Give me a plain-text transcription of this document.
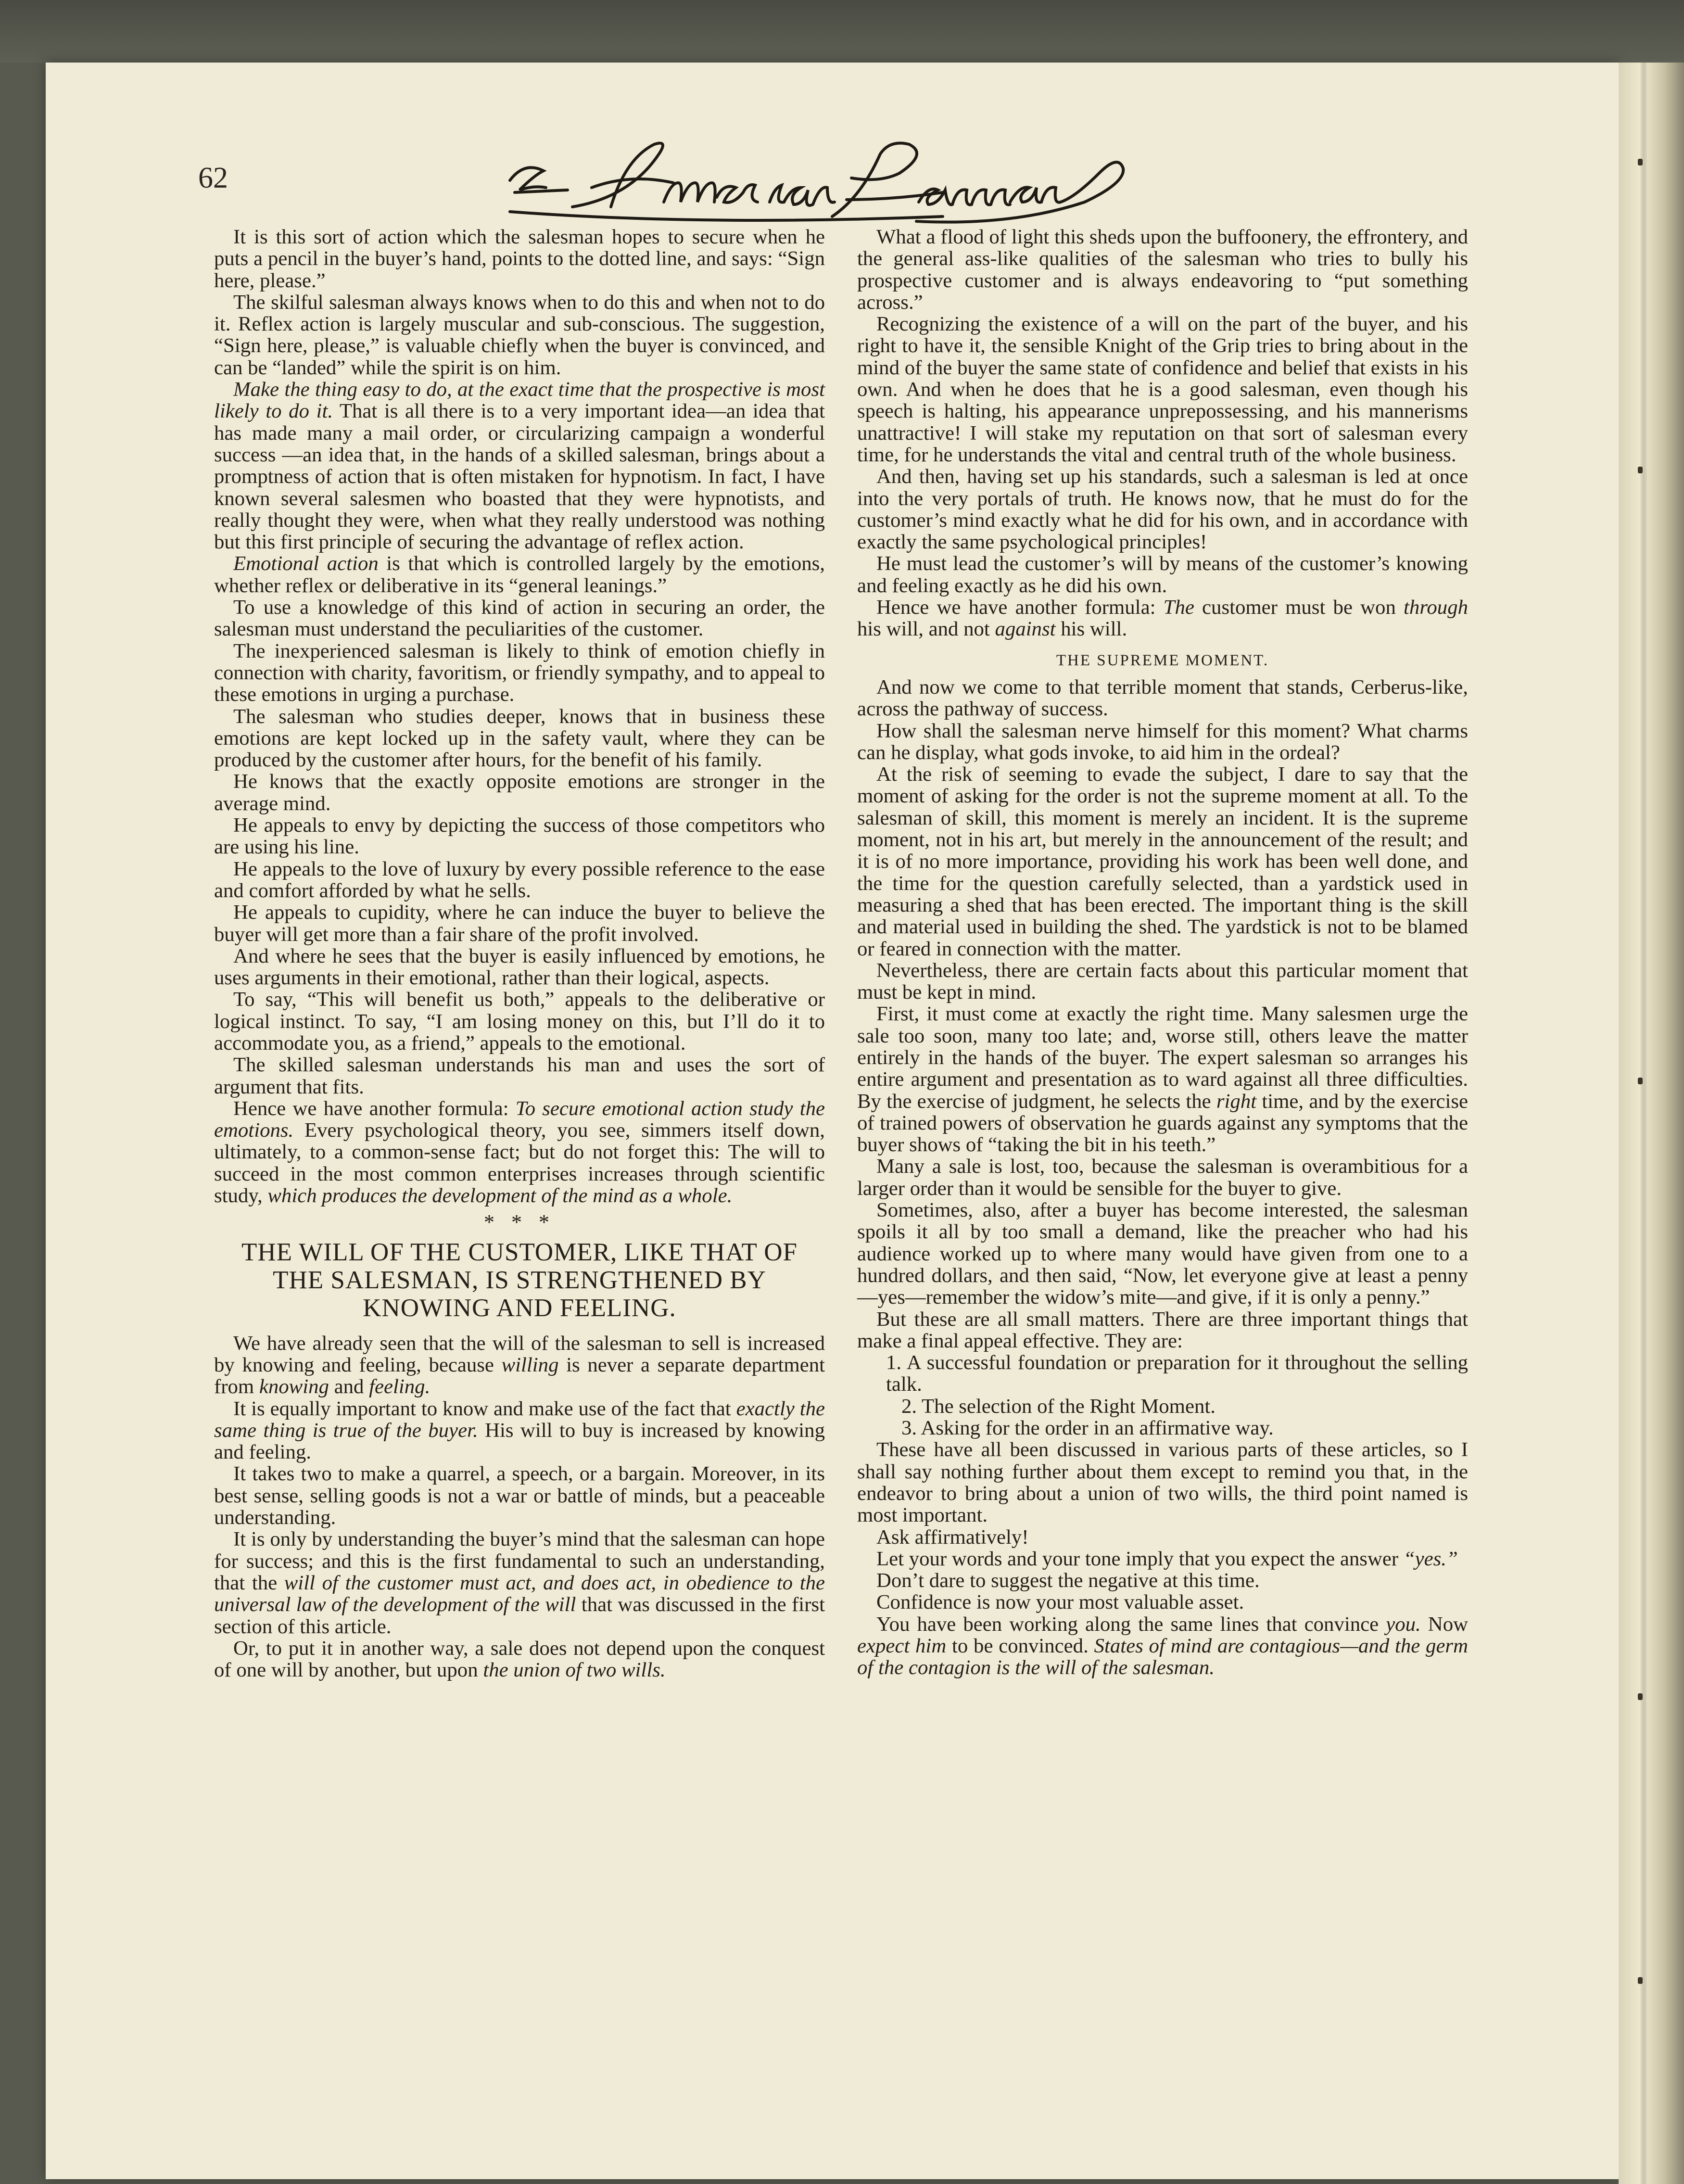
62

It is this sort of action which the salesman hopes to secure when he puts a pencil in the buyer’s hand, points to the dotted line, and says: “Sign here, please.”

The skilful salesman always knows when to do this and when not to do it. Reflex action is largely muscular and sub-conscious. The suggestion, “Sign here, please,” is valuable chiefly when the buyer is convinced, and can be “landed” while the spirit is on him.

Make the thing easy to do, at the exact time that the prospective is most likely to do it. That is all there is to a very important idea—an idea that has made many a mail order, or circularizing campaign a wonderful success —an idea that, in the hands of a skilled salesman, brings about a promptness of action that is often mistaken for hypnotism. In fact, I have known several salesmen who boasted that they were hypnotists, and really thought they were, when what they really understood was nothing but this first principle of securing the advantage of reflex action.

Emotional action is that which is controlled largely by the emotions, whether reflex or deliberative in its “general leanings.”

To use a knowledge of this kind of action in securing an order, the salesman must understand the peculiarities of the customer.

The inexperienced salesman is likely to think of emotion chiefly in connection with charity, favoritism, or friendly sympathy, and to appeal to these emotions in urging a purchase.

The salesman who studies deeper, knows that in business these emotions are kept locked up in the safety vault, where they can be produced by the customer after hours, for the benefit of his family.

He knows that the exactly opposite emotions are stronger in the average mind.

He appeals to envy by depicting the success of those competitors who are using his line.

He appeals to the love of luxury by every possible reference to the ease and comfort afforded by what he sells.

He appeals to cupidity, where he can induce the buyer to believe the buyer will get more than a fair share of the profit involved.

And where he sees that the buyer is easily influenced by emotions, he uses arguments in their emotional, rather than their logical, aspects.

To say, “This will benefit us both,” appeals to the deliberative or logical instinct. To say, “I am losing money on this, but I’ll do it to accommodate you, as a friend,” appeals to the emotional.

The skilled salesman understands his man and uses the sort of argument that fits.

Hence we have another formula: To secure emotional action study the emotions. Every psychological theory, you see, simmers itself down, ultimately, to a common-sense fact; but do not forget this: The will to succeed in the most common enterprises increases through scientific study, which produces the development of the mind as a whole.

* * *
THE WILL OF THE CUSTOMER, LIKE THAT OF THE SALESMAN, IS STRENGTHENED BY KNOWING AND FEELING.

We have already seen that the will of the salesman to sell is increased by knowing and feeling, because willing is never a separate department from knowing and feeling.

It is equally important to know and make use of the fact that exactly the same thing is true of the buyer. His will to buy is increased by knowing and feeling.

It takes two to make a quarrel, a speech, or a bargain. Moreover, in its best sense, selling goods is not a war or battle of minds, but a peaceable understanding.

It is only by understanding the buyer’s mind that the salesman can hope for success; and this is the first fundamental to such an understanding, that the will of the customer must act, and does act, in obedience to the universal law of the development of the will that was discussed in the first section of this article.

Or, to put it in another way, a sale does not depend upon the conquest of one will by another, but upon the union of two wills.

What a flood of light this sheds upon the buffoonery, the effrontery, and the general ass-like qualities of the salesman who tries to bully his prospective customer and is always endeavoring to “put something across.”

Recognizing the existence of a will on the part of the buyer, and his right to have it, the sensible Knight of the Grip tries to bring about in the mind of the buyer the same state of confidence and belief that exists in his own. And when he does that he is a good salesman, even though his speech is halting, his appearance unprepossessing, and his mannerisms unattractive! I will stake my reputation on that sort of salesman every time, for he understands the vital and central truth of the whole business.

And then, having set up his standards, such a salesman is led at once into the very portals of truth. He knows now, that he must do for the customer’s mind exactly what he did for his own, and in accordance with exactly the same psychological principles!

He must lead the customer’s will by means of the customer’s knowing and feeling exactly as he did his own.

Hence we have another formula: The customer must be won through his will, and not against his will.

THE SUPREME MOMENT.

And now we come to that terrible moment that stands, Cerberus-like, across the pathway of success.

How shall the salesman nerve himself for this moment? What charms can he display, what gods invoke, to aid him in the ordeal?

At the risk of seeming to evade the subject, I dare to say that the moment of asking for the order is not the supreme moment at all. To the salesman of skill, this moment is merely an incident. It is the supreme moment, not in his art, but merely in the announcement of the result; and it is of no more importance, providing his work has been well done, and the time for the question carefully selected, than a yardstick used in measuring a shed that has been erected. The important thing is the skill and material used in building the shed. The yardstick is not to be blamed or feared in connection with the matter.

Nevertheless, there are certain facts about this particular moment that must be kept in mind.

First, it must come at exactly the right time. Many salesmen urge the sale too soon, many too late; and, worse still, others leave the matter entirely in the hands of the buyer. The expert salesman so arranges his entire argument and presentation as to ward against all three difficulties. By the exercise of judgment, he selects the right time, and by the exercise of trained powers of observation he guards against any symptoms that the buyer shows of “taking the bit in his teeth.”

Many a sale is lost, too, because the salesman is overambitious for a larger order than it would be sensible for the buyer to give.

Sometimes, also, after a buyer has become interested, the salesman spoils it all by too small a demand, like the preacher who had his audience worked up to where many would have given from one to a hundred dollars, and then said, “Now, let everyone give at least a penny—yes—remember the widow’s mite—and give, if it is only a penny.”

But these are all small matters. There are three important things that make a final appeal effective. They are:

1. A successful foundation or preparation for it throughout the selling talk.

2. The selection of the Right Moment.

3. Asking for the order in an affirmative way.

These have all been discussed in various parts of these articles, so I shall say nothing further about them except to remind you that, in the endeavor to bring about a union of two wills, the third point named is most important.

Ask affirmatively!

Let your words and your tone imply that you expect the answer “yes.”

Don’t dare to suggest the negative at this time.

Confidence is now your most valuable asset.

You have been working along the same lines that convince you. Now expect him to be convinced. States of mind are contagious—and the germ of the contagion is the will of the salesman.
